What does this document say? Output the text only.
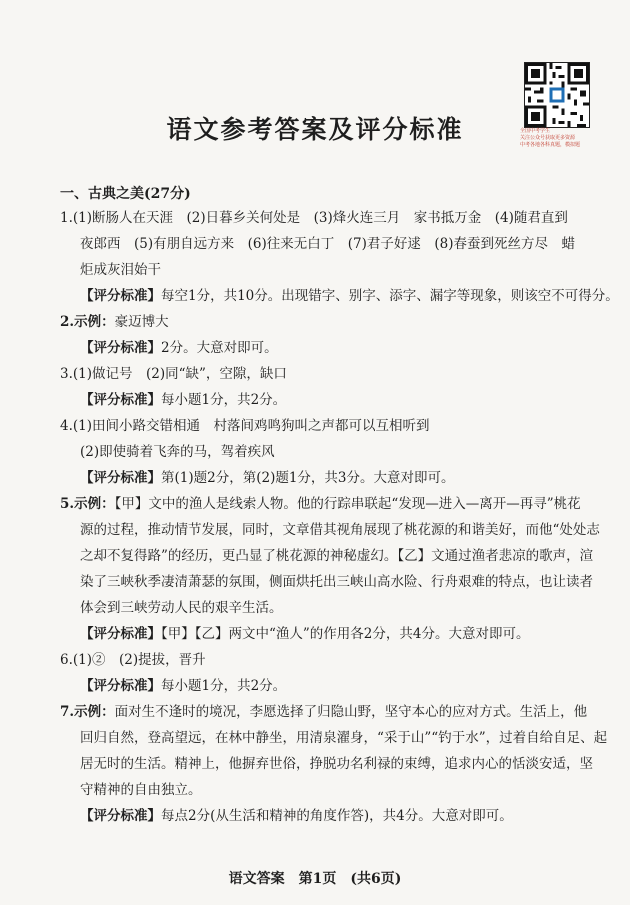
全国中考学生
关注公众号获取更多资源
中考各地各科真题，模拟题
语文参考答案及评分标准
一、古典之美(27分)
1.(1)断肠人在天涯　(2)日暮乡关何处是　(3)烽火连三月　家书抵万金　(4)随君直到
夜郎西　(5)有朋自远方来　(6)往来无白丁　(7)君子好逑　(8)春蚕到死丝方尽　蜡
炬成灰泪始干
【评分标准】每空1分，共10分。出现错字、别字、添字、漏字等现象，则该空不可得分。
2.示例：豪迈博大
【评分标准】2分。大意对即可。
3.(1)做记号　(2)同“缺”，空隙，缺口
【评分标准】每小题1分，共2分。
4.(1)田间小路交错相通　村落间鸡鸣狗叫之声都可以互相听到
(2)即使骑着飞奔的马，驾着疾风
【评分标准】第(1)题2分，第(2)题1分，共3分。大意对即可。
5.示例：【甲】文中的渔人是线索人物。他的行踪串联起“发现—进入—离开—再寻”桃花
源的过程，推动情节发展，同时，文章借其视角展现了桃花源的和谐美好，而他“处处志
之却不复得路”的经历，更凸显了桃花源的神秘虚幻。【乙】文通过渔者悲凉的歌声，渲
染了三峡秋季凄清萧瑟的氛围，侧面烘托出三峡山高水险、行舟艰难的特点，也让读者
体会到三峡劳动人民的艰辛生活。
【评分标准】【甲】【乙】两文中“渔人”的作用各2分，共4分。大意对即可。
6.(1)②　(2)提拔，晋升
【评分标准】每小题1分，共2分。
7.示例：面对生不逢时的境况，李愿选择了归隐山野，坚守本心的应对方式。生活上，他
回归自然，登高望远，在林中静坐，用清泉濯身，“采于山”“钓于水”，过着自给自足、起
居无时的生活。精神上，他摒弃世俗，挣脱功名利禄的束缚，追求内心的恬淡安适，坚
守精神的自由独立。
【评分标准】每点2分(从生活和精神的角度作答)，共4分。大意对即可。
语文答案　第1页　(共6页)
